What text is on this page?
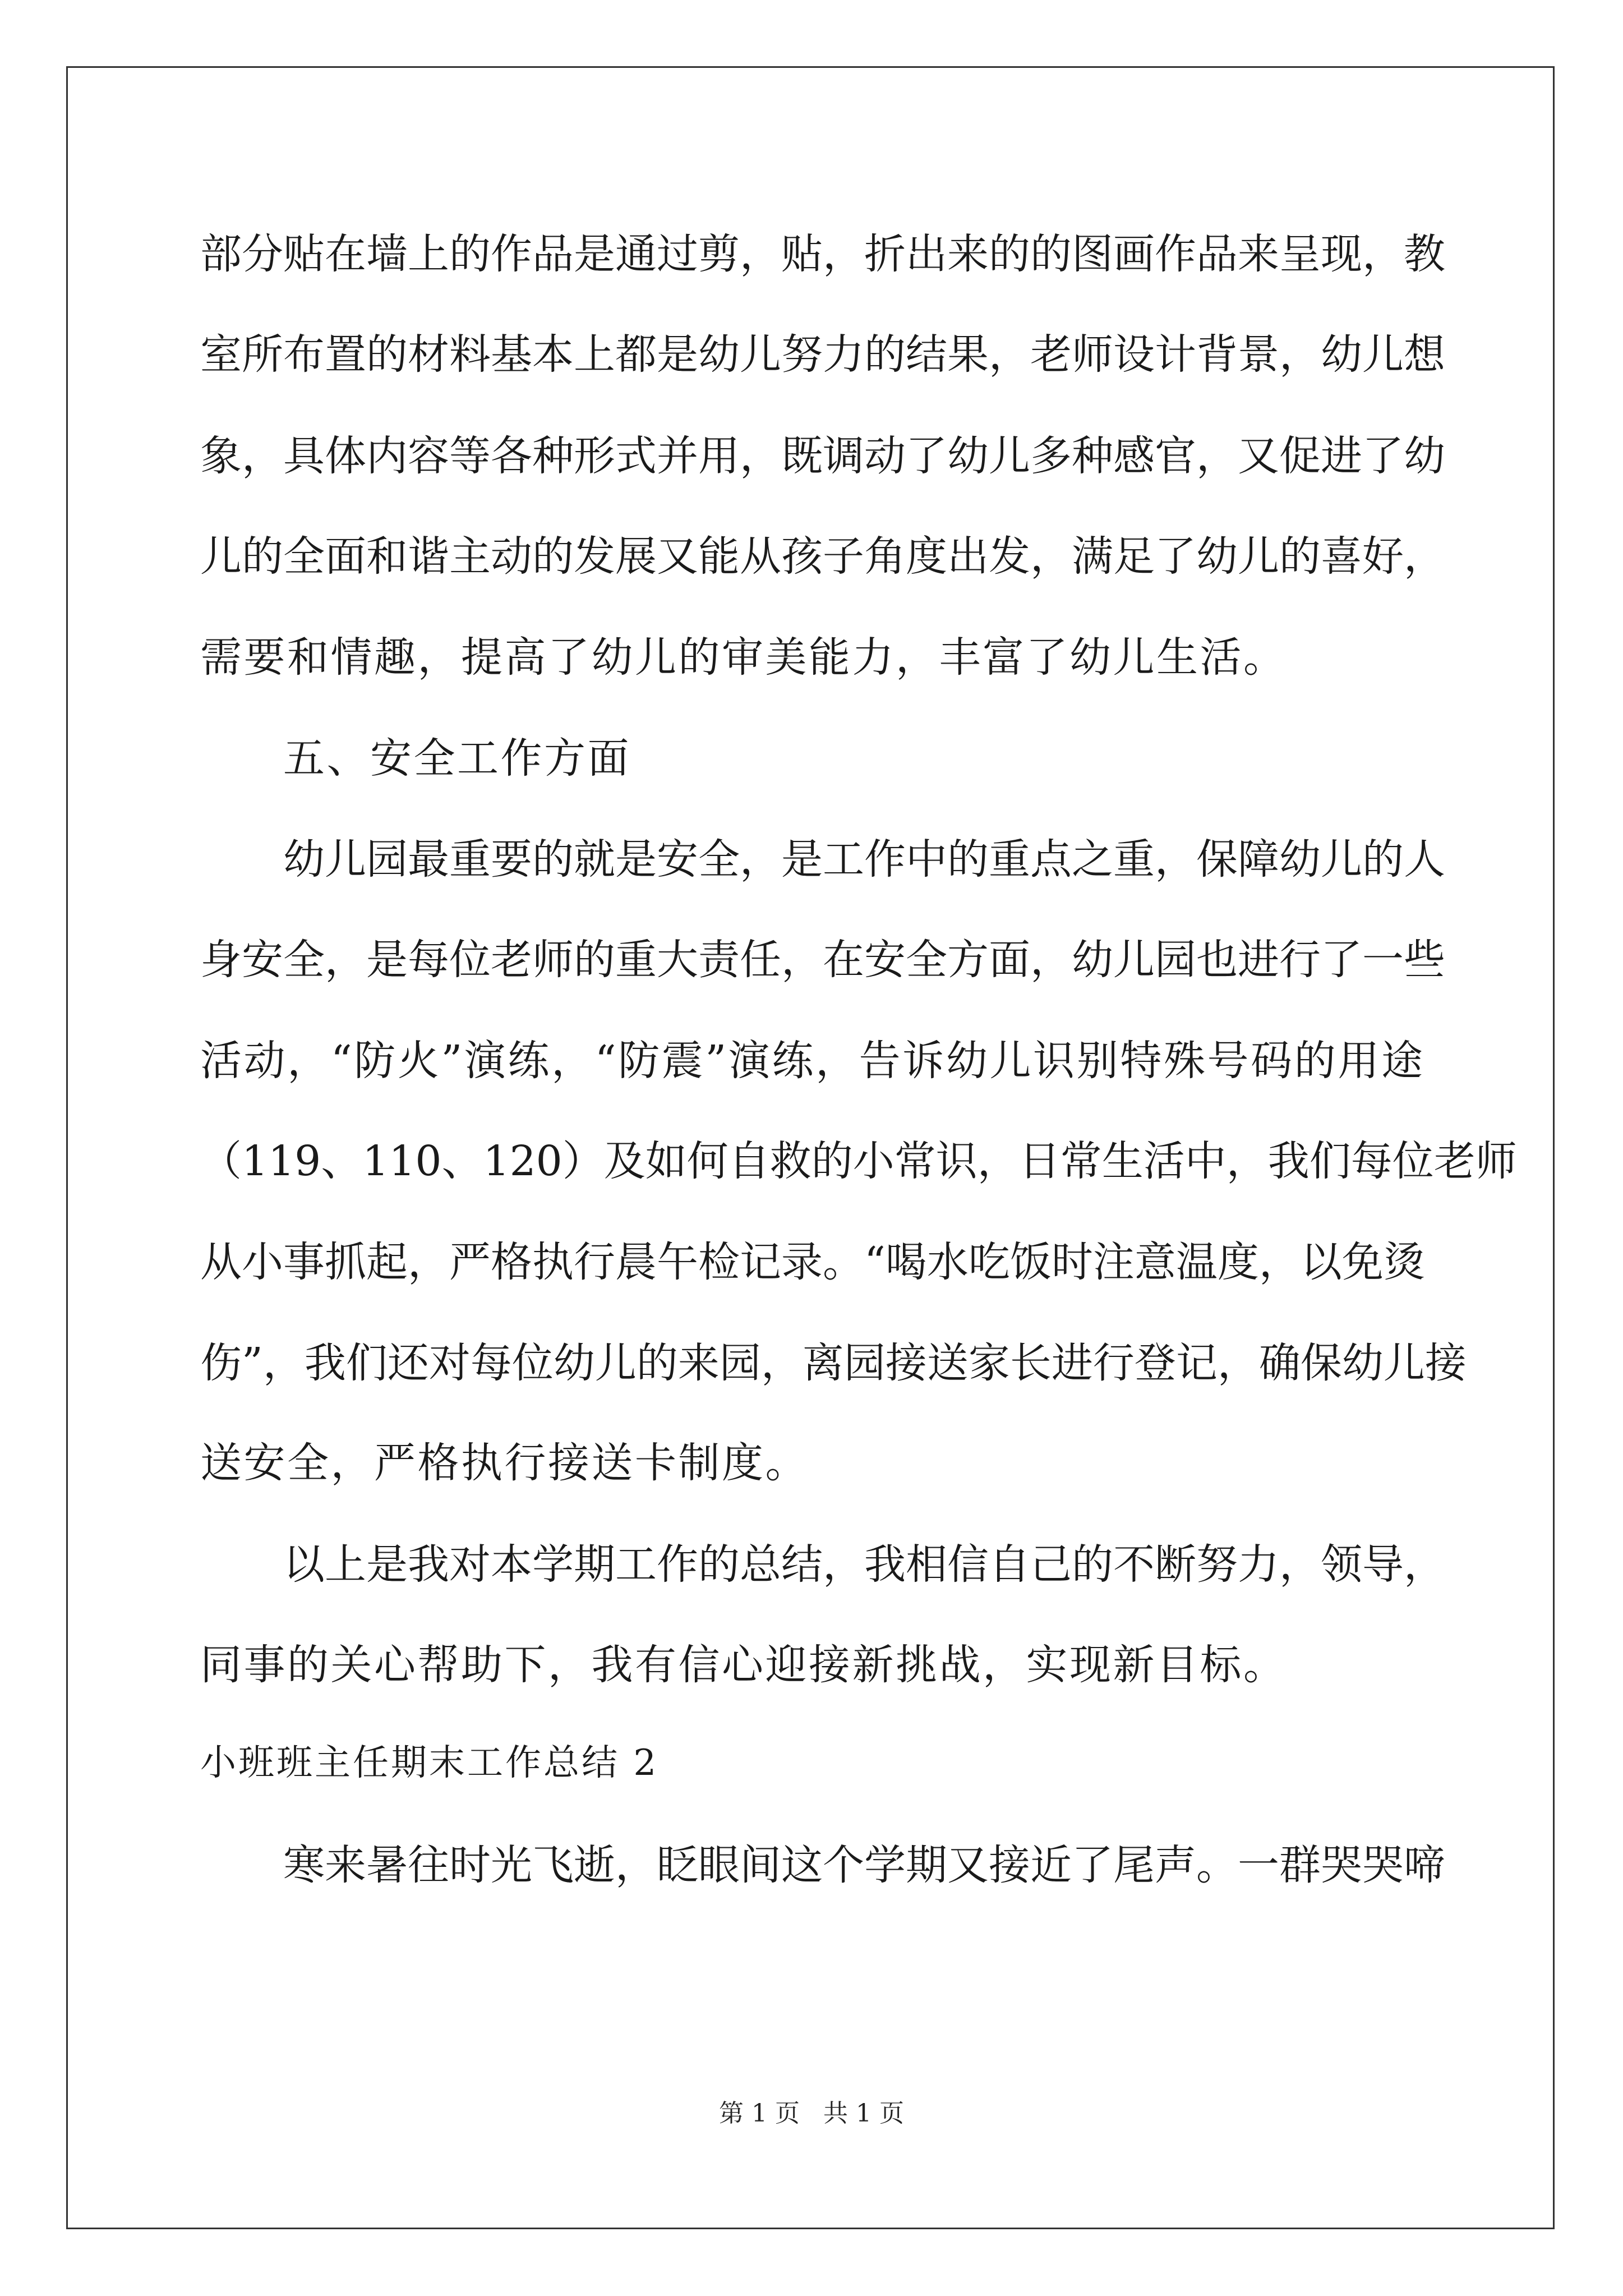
部分贴在墙上的作品是通过剪，贴，折出来的的图画作品来呈现，教
室所布置的材料基本上都是幼儿努力的结果，老师设计背景，幼儿想
象，具体内容等各种形式并用，既调动了幼儿多种感官，又促进了幼
儿的全面和谐主动的发展又能从孩子角度出发，满足了幼儿的喜好，
需要和情趣，提高了幼儿的审美能力，丰富了幼儿生活。
五、安全工作方面
幼儿园最重要的就是安全，是工作中的重点之重，保障幼儿的人
身安全，是每位老师的重大责任，在安全方面，幼儿园也进行了一些
活动，“防火”演练，“防震”演练，告诉幼儿识别特殊号码的用途
（119、110、120）及如何自救的小常识，日常生活中，我们每位老师
从小事抓起，严格执行晨午检记录。“喝水吃饭时注意温度，以免烫
伤”，我们还对每位幼儿的来园，离园接送家长进行登记，确保幼儿接
送安全，严格执行接送卡制度。
以上是我对本学期工作的总结，我相信自己的不断努力，领导，
同事的关心帮助下，我有信心迎接新挑战，实现新目标。
小班班主任期末工作总结 2
寒来暑往时光飞逝，眨眼间这个学期又接近了尾声。一群哭哭啼
第 1 页   共 1 页
